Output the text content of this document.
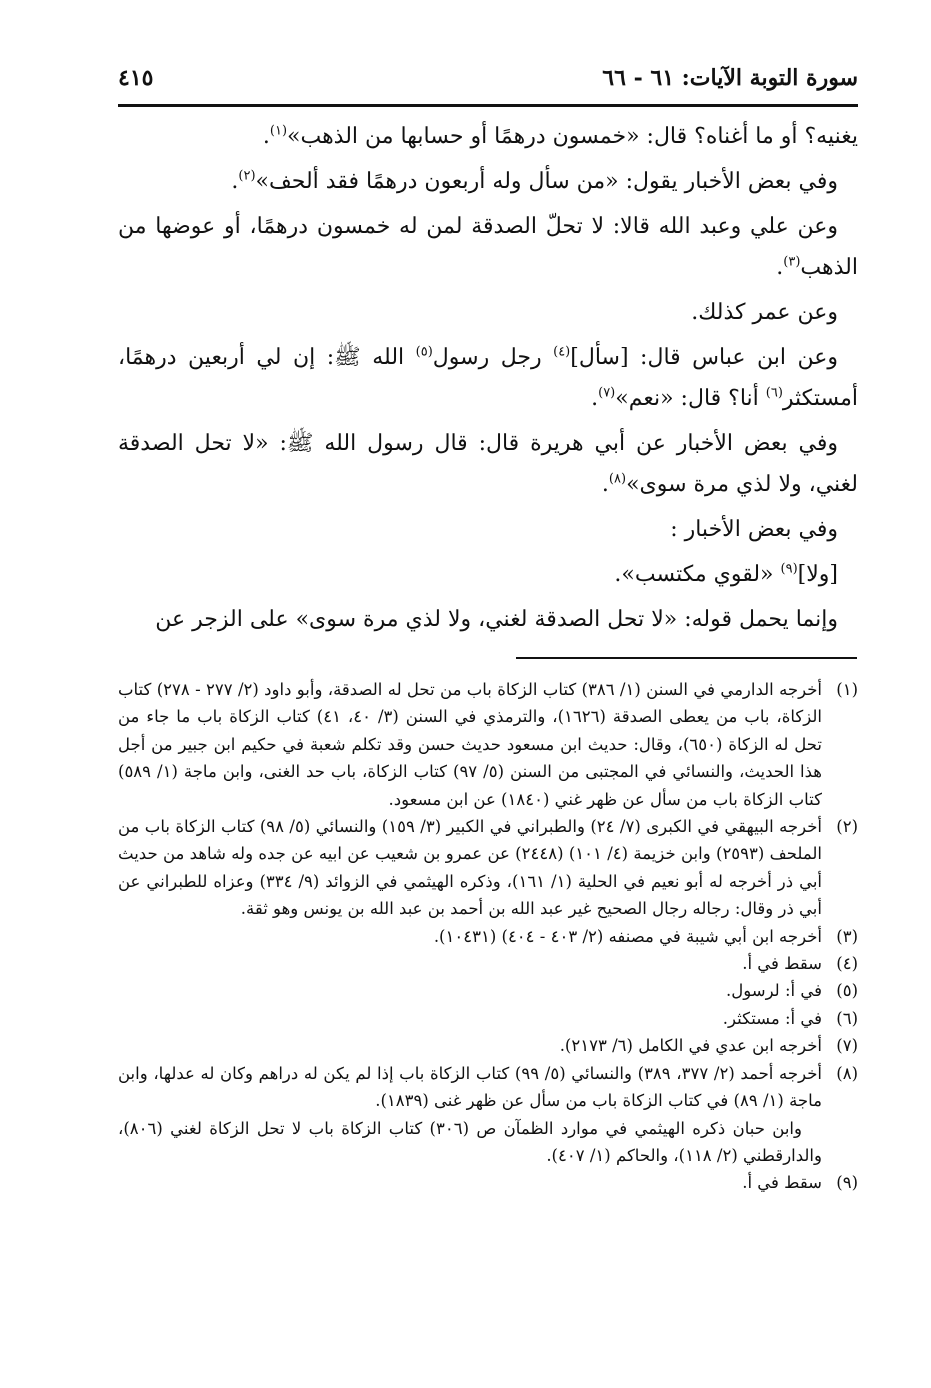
سورة التوبة الآيات: ٦١ - ٦٦
٤١٥

يغنيه؟ أو ما أغناه؟ قال: «خمسون درهمًا أو حسابها من الذهب»$^{(١)}$.

وفي بعض الأخبار يقول: «من سأل وله أربعون درهمًا فقد ألحف»$^{(٢)}$.

وعن علي وعبد الله قالا: لا تحلّ الصدقة لمن له خمسون درهمًا، أو عوضها من الذهب$^{(٣)}$.

وعن عمر كذلك.

وعن ابن عباس قال: [سأل]$^{(٤)}$ رجل رسول$^{(٥)}$ الله ﷺ: إن لي أربعين درهمًا، أمستكثر$^{(٦)}$ أنا؟ قال: «نعم»$^{(٧)}$.

وفي بعض الأخبار عن أبي هريرة قال: قال رسول الله ﷺ: «لا تحل الصدقة لغني، ولا لذي مرة سوى»$^{(٨)}$.

وفي بعض الأخبار :

[ولا]$^{(٩)}$ «لقوي مكتسب».

وإنما يحمل قوله: «لا تحل الصدقة لغني، ولا لذي مرة سوى» على الزجر عن

(١)
أخرجه الدارمي في السنن (١/ ٣٨٦) كتاب الزكاة باب من تحل له الصدقة، وأبو داود (٢/ ٢٧٧ - ٢٧٨) كتاب الزكاة، باب من يعطى الصدقة (١٦٢٦)، والترمذي في السنن (٣/ ٤٠، ٤١) كتاب الزكاة باب ما جاء من تحل له الزكاة (٦٥٠)، وقال: حديث ابن مسعود حديث حسن وقد تكلم شعبة في حكيم ابن جبير من أجل هذا الحديث، والنسائي في المجتبى من السنن (٥/ ٩٧) كتاب الزكاة، باب حد الغنى، وابن ماجة (١/ ٥٨٩) كتاب الزكاة باب من سأل عن ظهر غني (١٨٤٠) عن ابن مسعود.
(٢)
أخرجه البيهقي في الكبرى (٧/ ٢٤) والطبراني في الكبير (٣/ ١٥٩) والنسائي (٥/ ٩٨) كتاب الزكاة باب من الملحف (٢٥٩٣) وابن خزيمة (٤/ ١٠١) (٢٤٤٨) عن عمرو بن شعيب عن ابيه عن جده وله شاهد من حديث أبي ذر أخرجه له أبو نعيم في الحلية (١/ ١٦١)، وذكره الهيثمي في الزوائد (٩/ ٣٣٤) وعزاه للطبراني عن أبي ذر وقال: رجاله رجال الصحيح غير عبد الله بن أحمد بن عبد الله بن يونس وهو ثقة.
(٣)
أخرجه ابن أبي شيبة في مصنفه (٢/ ٤٠٣ - ٤٠٤) (١٠٤٣١).
(٤)
سقط في أ.
(٥)
في أ: لرسول.
(٦)
في أ: مستكثر.
(٧)
أخرجه ابن عدي في الكامل (٦/ ٢١٧٣).
(٨)
أخرجه أحمد (٢/ ٣٧٧، ٣٨٩) والنسائي (٥/ ٩٩) كتاب الزكاة باب إذا لم يكن له دراهم وكان له عدلها، وابن ماجة (١/ ٨٩) في كتاب الزكاة باب من سأل عن ظهر غنى (١٨٣٩).
وابن حبان ذكره الهيثمي في موارد الظمآن ص (٣٠٦) كتاب الزكاة باب لا تحل الزكاة لغني (٨٠٦)، والدارقطني (٢/ ١١٨)، والحاكم (١/ ٤٠٧).
(٩)
سقط في أ.
